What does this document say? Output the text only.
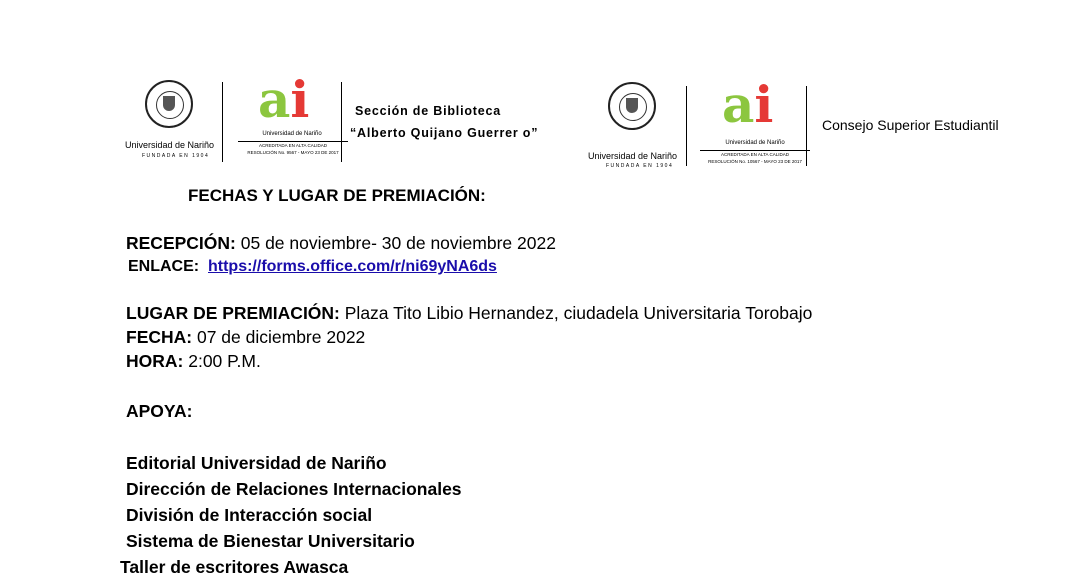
Universidad de Nariño
FUNDADA EN 1904
ai
Universidad de Nariño
ACREDITADA EN ALTA CALIDAD
RESOLUCIÓN No. 9567 - MAYO 23 DE 2017
Sección de Biblioteca
“Alberto Quijano Guerrer o”
Universidad de Nariño
FUNDADA EN 1904
ai
Universidad de Nariño
ACREDITADA EN ALTA CALIDAD
RESOLUCIÓN No. 10567 - MAYO 23 DE 2017
Consejo Superior Estudiantil
FECHAS Y LUGAR DE PREMIACIÓN:
RECEPCIÓN: 05 de noviembre- 30 de noviembre 2022
ENLACE: https://forms.office.com/r/ni69yNA6ds
LUGAR DE PREMIACIÓN: Plaza Tito Libio Hernandez, ciudadela Universitaria Torobajo
FECHA: 07 de diciembre 2022
HORA: 2:00 P.M.
APOYA:
Editorial Universidad de Nariño
Dirección de Relaciones Internacionales
División de Interacción social
Sistema de Bienestar Universitario
Taller de escritores Awasca
